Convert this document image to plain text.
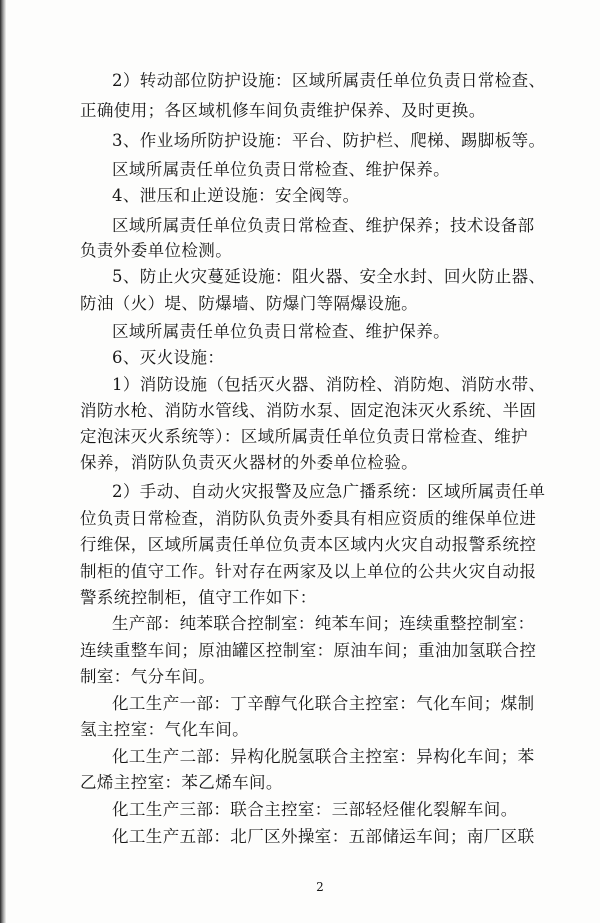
2）转动部位防护设施：区域所属责任单位负责日常检查、
正确使用；各区域机修车间负责维护保养、及时更换。
3、作业场所防护设施：平台、防护栏、爬梯、踢脚板等。
区域所属责任单位负责日常检查、维护保养。
4、泄压和止逆设施：安全阀等。
区域所属责任单位负责日常检查、维护保养；技术设备部
负责外委单位检测。
5、防止火灾蔓延设施：阻火器、安全水封、回火防止器、
防油（火）堤、防爆墙、防爆门等隔爆设施。
区域所属责任单位负责日常检查、维护保养。
6、灭火设施：
1）消防设施（包括灭火器、消防栓、消防炮、消防水带、
消防水枪、消防水管线、消防水泵、固定泡沫灭火系统、半固
定泡沫灭火系统等）：区域所属责任单位负责日常检查、维护
保养，消防队负责灭火器材的外委单位检验。
2）手动、自动火灾报警及应急广播系统：区域所属责任单
位负责日常检查，消防队负责外委具有相应资质的维保单位进
行维保，区域所属责任单位负责本区域内火灾自动报警系统控
制柜的值守工作。针对存在两家及以上单位的公共火灾自动报
警系统控制柜，值守工作如下：
生产部：纯苯联合控制室：纯苯车间；连续重整控制室：
连续重整车间；原油罐区控制室：原油车间；重油加氢联合控
制室：气分车间。
化工生产一部：丁辛醇气化联合主控室：气化车间；煤制
氢主控室：气化车间。
化工生产二部：异构化脱氢联合主控室：异构化车间；苯
乙烯主控室：苯乙烯车间。
化工生产三部：联合主控室：三部轻烃催化裂解车间。
化工生产五部：北厂区外操室：五部储运车间；南厂区联
2
